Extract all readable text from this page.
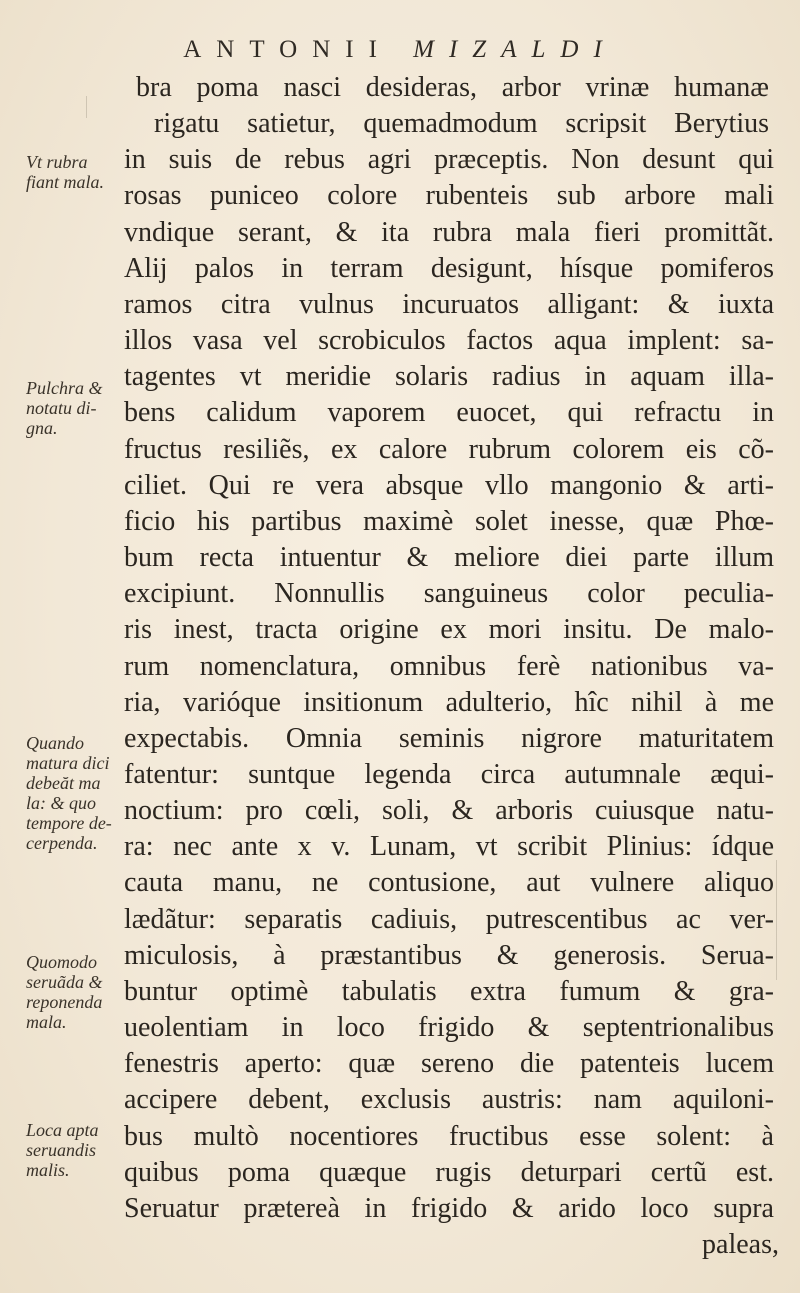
ANTONII MIZALDI
bra poma nasci desideras, arbor vrinæ humanæ
rigatu satietur, quemadmodum scripsit Berytius
in suis de rebus agri præceptis. Non desunt qui
rosas puniceo colore rubenteis sub arbore mali
vndique serant, & ita rubra mala fieri promittãt.
Alij palos in terram desigunt, hísque pomiferos
ramos citra vulnus incuruatos alligant: & iuxta
illos vasa vel scrobiculos factos aqua implent: sa-
tagentes vt meridie solaris radius in aquam illa-
bens calidum vaporem euocet, qui refractu in
fructus resiliẽs, ex calore rubrum colorem eis cõ-
ciliet. Qui re vera absque vllo mangonio & arti-
ficio his partibus maximè solet inesse, quæ Phœ-
bum recta intuentur & meliore diei parte illum
excipiunt. Nonnullis sanguineus color peculia-
ris inest, tracta origine ex mori insitu. De malo-
rum nomenclatura, omnibus ferè nationibus va-
ria, varióque insitionum adulterio, hîc nihil à me
expectabis. Omnia seminis nigrore maturitatem
fatentur: suntque legenda circa autumnale æqui-
noctium: pro cœli, soli, & arboris cuiusque natu-
ra: nec ante x v. Lunam, vt scribit Plinius: ídque
cauta manu, ne contusione, aut vulnere aliquo
lædãtur: separatis cadiuis, putrescentibus ac ver-
miculosis, à præstantibus & generosis. Serua-
buntur optimè tabulatis extra fumum & gra-
ueolentiam in loco frigido & septentrionalibus
fenestris aperto: quæ sereno die patenteis lucem
accipere debent, exclusis austris: nam aquiloni-
bus multò nocentiores fructibus esse solent: à
quibus poma quæque rugis deturpari certũ est.
Seruatur prætereà in frigido & arido loco supra
paleas,
Vt rubra
fiant mala.
Pulchra &
notatu di-
gna.
Quando
matura dici
debeăt ma
la: & quo
tempore de-
cerpenda.
Quomodo
seruãda &
reponenda
mala.
Loca apta
seruandis
malis.
